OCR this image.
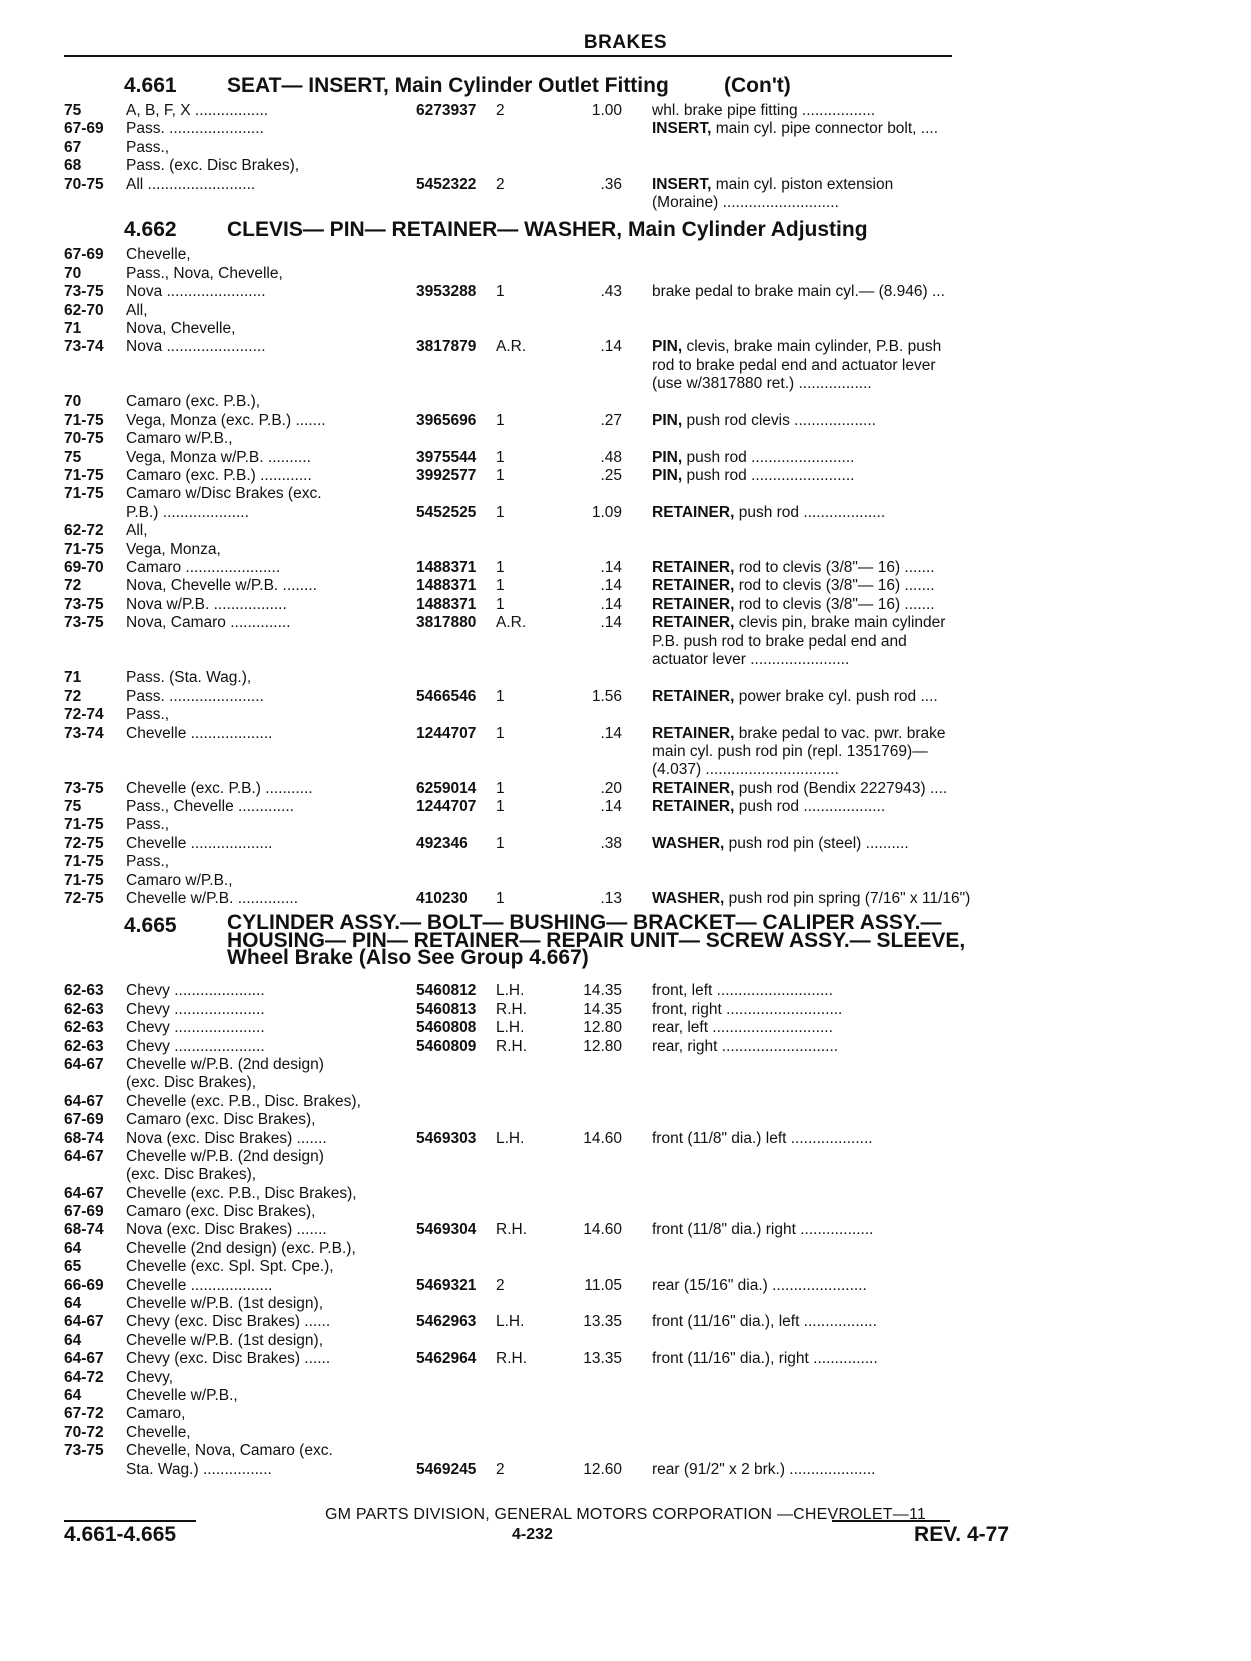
BRAKES
4.661 SEAT— INSERT, Main Cylinder Outlet Fitting	(Con't)
75	A, B, F, X .................	6273937	2	1.00 whl. brake pipe fitting .................
67-69	Pass. ......................	INSERT, main cyl. pipe connector bolt, ....
67	Pass.,
68	Pass. (exc. Disc Brakes),
70-75	All .........................	5452322	2	.36 INSERT, main cyl. piston extension
(Moraine) ...........................
4.662 CLEVIS— PIN— RETAINER— WASHER, Main Cylinder Adjusting
67-69	Chevelle,
70	Pass., Nova, Chevelle,
73-75	Nova .......................	3953288	1	.43 brake pedal to brake main cyl.— (8.946) ...
62-70	All,
71	Nova, Chevelle,
73-74	Nova .......................	3817879	A.R.	.14 PIN, clevis, brake main cylinder, P.B. push
rod to brake pedal end and actuator lever
(use w/3817880 ret.) .................
70	Camaro (exc. P.B.),
71-75	Vega, Monza (exc. P.B.) .......	3965696	1	.27 PIN, push rod clevis ...................
70-75	Camaro w/P.B.,
75	Vega, Monza w/P.B. ..........	3975544	1	.48 PIN, push rod ........................
71-75	Camaro (exc. P.B.) ............	3992577	1	.25 PIN, push rod ........................
71-75	Camaro w/Disc Brakes (exc.
P.B.) ....................	5452525	1	1.09 RETAINER, push rod ...................
62-72	All,
71-75	Vega, Monza,
69-70	Camaro ......................	1488371	1	.14 RETAINER, rod to clevis (3/8"— 16) .......
72	Nova, Chevelle w/P.B. ........	1488371	1	.14 RETAINER, rod to clevis (3/8"— 16) .......
73-75	Nova w/P.B. .................	1488371	1	.14 RETAINER, rod to clevis (3/8"— 16) .......
73-75	Nova, Camaro ..............	3817880	A.R.	.14 RETAINER, clevis pin, brake main cylinder
P.B. push rod to brake pedal end and
actuator lever .......................
71	Pass. (Sta. Wag.),
72	Pass. ......................	5466546	1	1.56 RETAINER, power brake cyl. push rod ....
72-74	Pass.,
73-74	Chevelle ...................	1244707	1	.14 RETAINER, brake pedal to vac. pwr. brake
main cyl. push rod pin (repl. 1351769)—
(4.037) ...............................
73-75	Chevelle (exc. P.B.) ...........	6259014	1	.20 RETAINER, push rod (Bendix 2227943) ....
75	Pass., Chevelle .............	1244707	1	.14 RETAINER, push rod ...................
71-75	Pass.,
72-75	Chevelle ...................	492346	1	.38 WASHER, push rod pin (steel) ..........
71-75	Pass.,
71-75	Camaro w/P.B.,
72-75	Chevelle w/P.B. ..............	410230	1	.13 WASHER, push rod pin spring (7/16" x 11/16")
4.665 CYLINDER ASSY.— BOLT— BUSHING— BRACKET— CALIPER ASSY.—
HOUSING— PIN— RETAINER— REPAIR UNIT— SCREW ASSY.— SLEEVE,
Wheel Brake (Also See Group 4.667)
62-63	Chevy .....................	5460812	L.H.	14.35 front, left ...........................
62-63	Chevy .....................	5460813	R.H.	14.35 front, right ...........................
62-63	Chevy .....................	5460808	L.H.	12.80 rear, left ............................
62-63	Chevy .....................	5460809	R.H.	12.80 rear, right ...........................
64-67	Chevelle w/P.B. (2nd design)
(exc. Disc Brakes),
64-67	Chevelle (exc. P.B., Disc. Brakes),
67-69	Camaro (exc. Disc Brakes),
68-74	Nova (exc. Disc Brakes) .......	5469303	L.H.	14.60 front (11/8" dia.) left ...................
64-67	Chevelle w/P.B. (2nd design)
(exc. Disc Brakes),
64-67	Chevelle (exc. P.B., Disc Brakes),
67-69	Camaro (exc. Disc Brakes),
68-74	Nova (exc. Disc Brakes) .......	5469304	R.H.	14.60 front (11/8" dia.) right .................
64	Chevelle (2nd design) (exc. P.B.),
65	Chevelle (exc. Spl. Spt. Cpe.),
66-69	Chevelle ...................	5469321	2	11.05 rear (15/16" dia.) ......................
64	Chevelle w/P.B. (1st design),
64-67	Chevy (exc. Disc Brakes) ......	5462963	L.H.	13.35 front (11/16" dia.), left .................
64	Chevelle w/P.B. (1st design),
64-67	Chevy (exc. Disc Brakes) ......	5462964	R.H.	13.35 front (11/16" dia.), right ...............
64-72	Chevy,
64	Chevelle w/P.B.,
67-72	Camaro,
70-72	Chevelle,
73-75	Chevelle, Nova, Camaro (exc.
Sta. Wag.) ................	5469245	2	12.60 rear (91/2" x 2 brk.) ....................
GM PARTS DIVISION, GENERAL MOTORS CORPORATION —CHEVROLET—11
4.661-4.665	4-232	REV. 4-77
